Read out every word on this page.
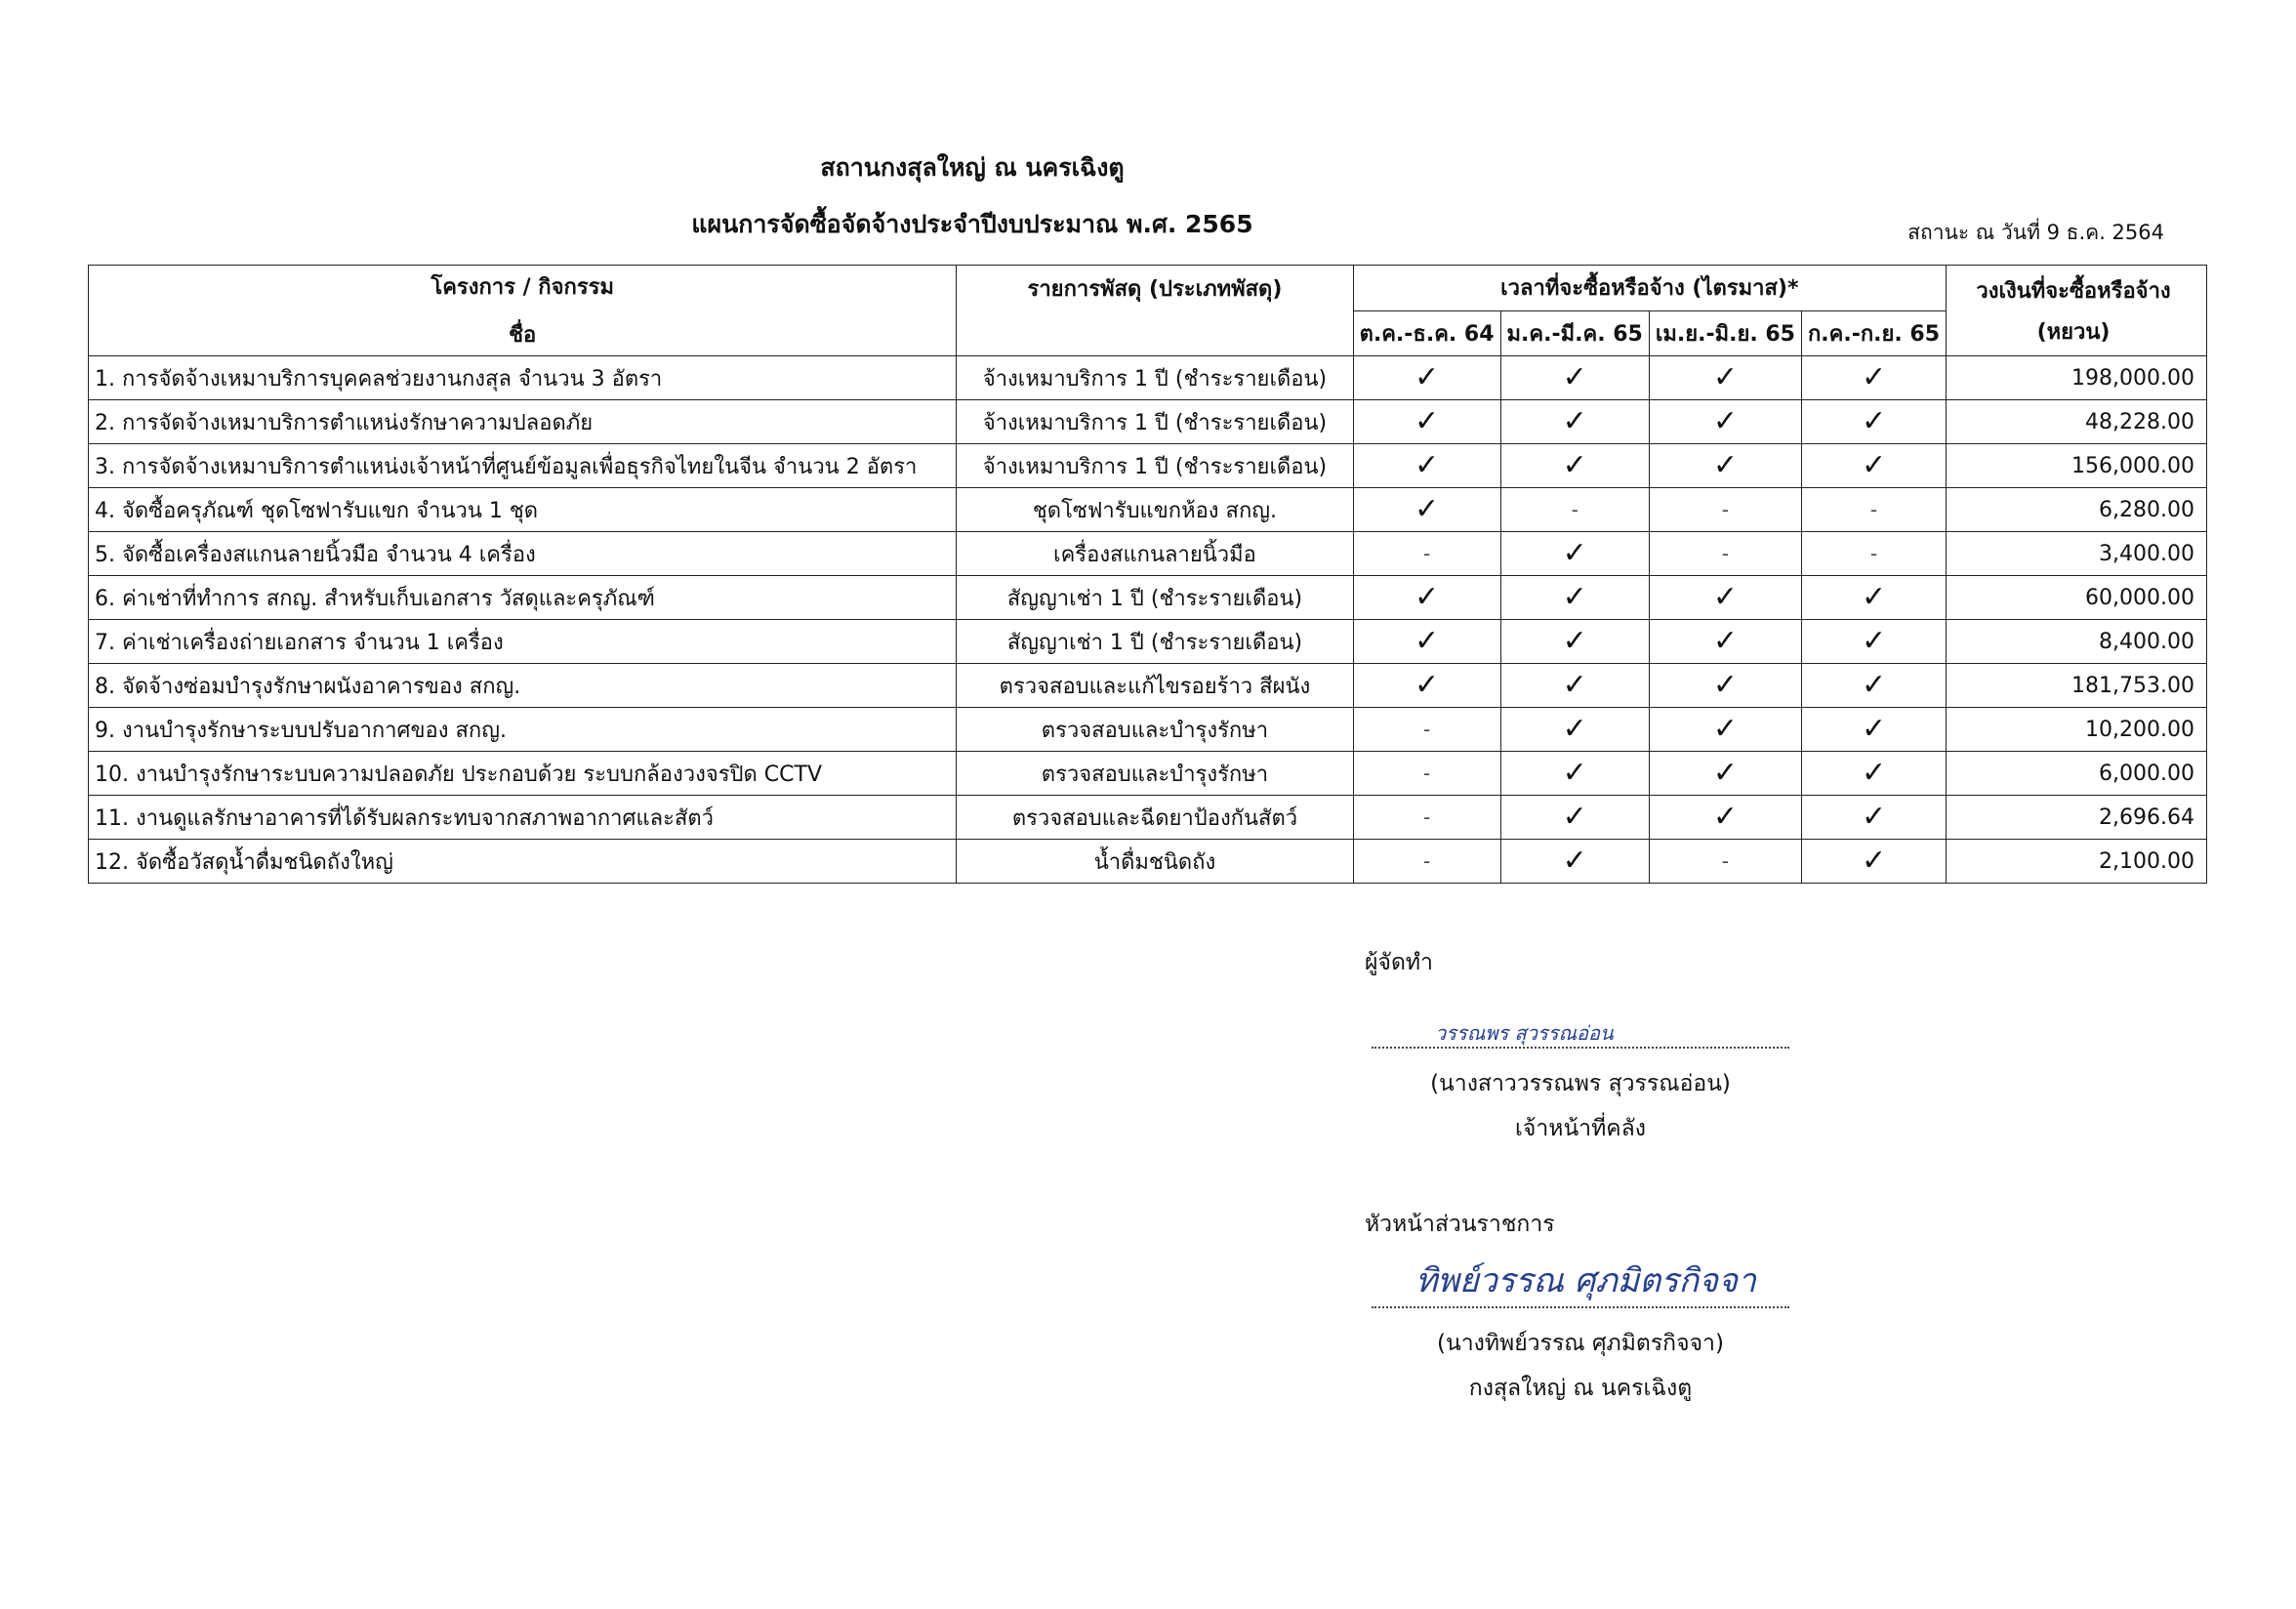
สถานกงสุลใหญ่ ณ นครเฉิงตู
แผนการจัดซื้อจัดจ้างประจำปีงบประมาณ พ.ศ. 2565	สถานะ ณ วันที่ 9 ธ.ค. 2564
โครงการ / กิจกรรม
ชื่อ	รายการพัสดุ (ประเภทพัสดุ)	เวลาที่จะซื้อหรือจ้าง (ไตรมาส)*				วงเงินที่จะซื้อหรือจ้าง
(หยวน)

		ต.ค.-ธ.ค. 64	ม.ค.-มี.ค. 65	เม.ย.-มิ.ย. 65	ก.ค.-ก.ย. 65	
1. การจัดจ้างเหมาบริการบุคคลช่วยงานกงสุล จำนวน 3 อัตรา	จ้างเหมาบริการ 1 ปี (ชำระรายเดือน)	✓	✓	✓	✓	198,000.00
2. การจัดจ้างเหมาบริการตำแหน่งรักษาความปลอดภัย	จ้างเหมาบริการ 1 ปี (ชำระรายเดือน)	✓	✓	✓	✓	48,228.00
3. การจัดจ้างเหมาบริการตำแหน่งเจ้าหน้าที่ศูนย์ข้อมูลเพื่อธุรกิจไทยในจีน จำนวน 2 อัตรา	จ้างเหมาบริการ 1 ปี (ชำระรายเดือน)	✓	✓	✓	✓	156,000.00
4. จัดซื้อครุภัณฑ์ ชุดโซฟารับแขก จำนวน 1 ชุด	ชุดโซฟารับแขกห้อง สกญ.	✓	-	-	-	6,280.00
5. จัดซื้อเครื่องสแกนลายนิ้วมือ จำนวน 4 เครื่อง	เครื่องสแกนลายนิ้วมือ	-	✓	-	-	3,400.00
6. ค่าเช่าที่ทำการ สกญ. สำหรับเก็บเอกสาร วัสดุและครุภัณฑ์	สัญญาเช่า 1 ปี (ชำระรายเดือน)	✓	✓	✓	✓	60,000.00
7. ค่าเช่าเครื่องถ่ายเอกสาร จำนวน 1 เครื่อง	สัญญาเช่า 1 ปี (ชำระรายเดือน)	✓	✓	✓	✓	8,400.00
8. จัดจ้างซ่อมบำรุงรักษาผนังอาคารของ สกญ.	ตรวจสอบและแก้ไขรอยร้าว สีผนัง	✓	✓	✓	✓	181,753.00
9. งานบำรุงรักษาระบบปรับอากาศของ สกญ.	ตรวจสอบและบำรุงรักษา	-	✓	✓	✓	10,200.00
10. งานบำรุงรักษาระบบความปลอดภัย ประกอบด้วย ระบบกล้องวงจรปิด CCTV	ตรวจสอบและบำรุงรักษา	-	✓	✓	✓	6,000.00
11. งานดูแลรักษาอาคารที่ได้รับผลกระทบจากสภาพอากาศและสัตว์	ตรวจสอบและฉีดยาป้องกันสัตว์	-	✓	✓	✓	2,696.64
12. จัดซื้อวัสดุน้ำดื่มชนิดถังใหญ่	น้ำดื่มชนิดถัง	-	✓	-	✓	2,100.00
ผู้จัดทำ
วรรณพร สุวรรณอ่อน
(นางสาววรรณพร สุวรรณอ่อน)
เจ้าหน้าที่คลัง
หัวหน้าส่วนราชการ
ทิพย์วรรณ ศุภมิตรกิจจา
(นางทิพย์วรรณ ศุภมิตรกิจจา)
กงสุลใหญ่ ณ นครเฉิงตู
